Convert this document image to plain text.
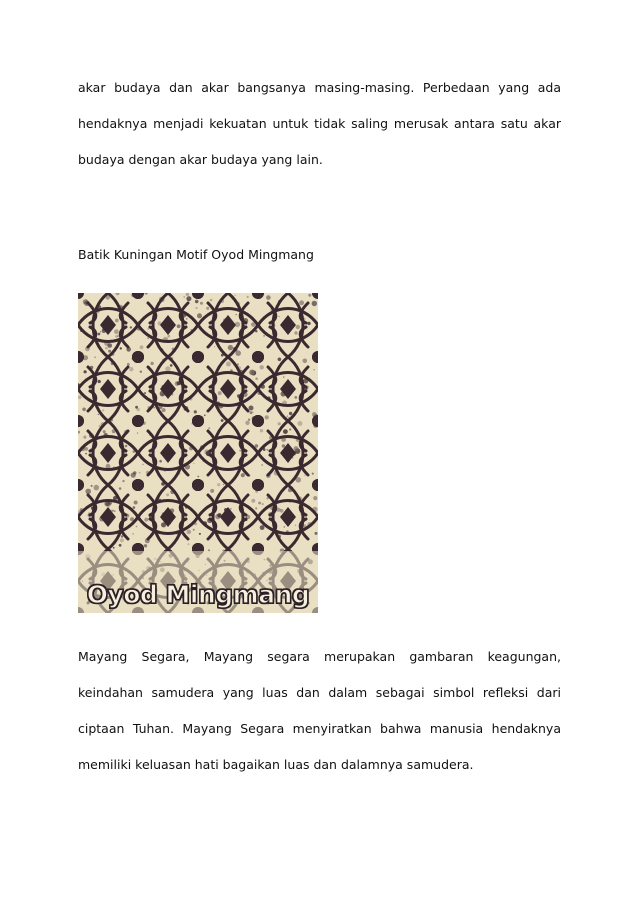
akar budaya dan akar bangsanya masing-masing. Perbedaan yang ada hendaknya menjadi kekuatan untuk tidak saling merusak antara satu akar budaya dengan akar budaya yang lain.

Batik Kuningan Motif Oyod Mingmang

Oyod Mingmang

Mayang Segara, Mayang segara merupakan gambaran keagungan, keindahan samudera yang luas dan dalam sebagai simbol refleksi dari ciptaan Tuhan. Mayang Segara menyiratkan bahwa manusia hendaknya memiliki keluasan hati bagaikan luas dan dalamnya samudera.
